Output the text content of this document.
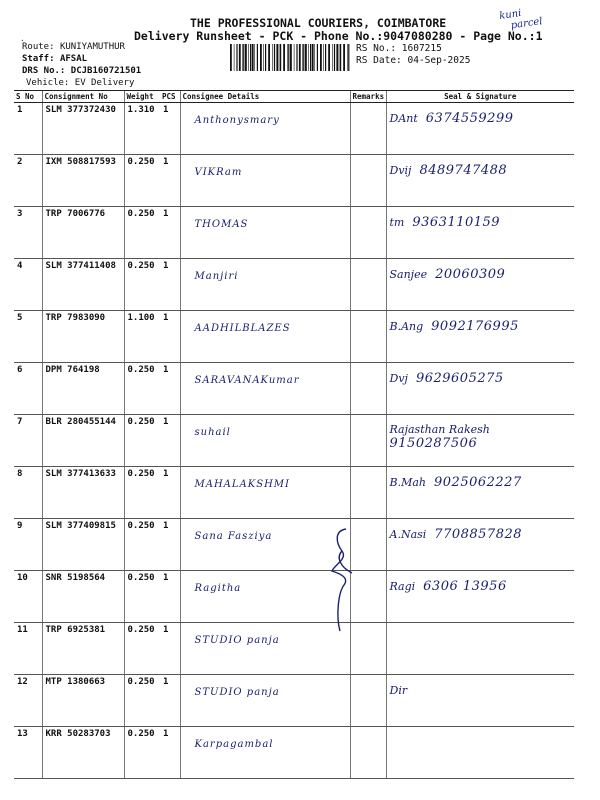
THE PROFESSIONAL COURIERS, COIMBATORE
Delivery Runsheet - PCK - Phone No.:9047080280 - Page No.:1
kuni
parcel
·
Route: KUNIYAMUTHUR
Staff: AFSAL
DRS No.: DCJB160721501
Vehicle: EV Delivery
RS No.: 1607215
RS Date: 04-Sep-2025
S No	Consignment No	Weight	PCS	Consignee Details	Remarks	Seal & Signature
1	SLM 377372430	1.310	1	Anthonysmary		DAnt 6374559299
2	IXM 508817593	0.250	1	VIKRam		Dvij 8489747488
3	TRP 7006776	0.250	1	THOMAS		tm 9363110159
4	SLM 377411408	0.250	1	Manjiri		Sanjee 20060309
5	TRP 7983090	1.100	1	AADHILBLAZES		B.Ang 9092176995
6	DPM 764198	0.250	1	SARAVANAKumar		Dvj 9629605275
7	BLR 280455144	0.250	1	suhail		Rajasthan Rakesh9150287506
8	SLM 377413633	0.250	1	MAHALAKSHMI		B.Mah 9025062227
9	SLM 377409815	0.250	1	Sana Fasziya		A.Nasi 7708857828
10	SNR 5198564	0.250	1	Ragitha		Ragi 6306 13956
11	TRP 6925381	0.250	1	STUDIO panja		
12	MTP 1380663	0.250	1	STUDIO panja		Dir
13	KRR 50283703	0.250	1	Karpagambal		
